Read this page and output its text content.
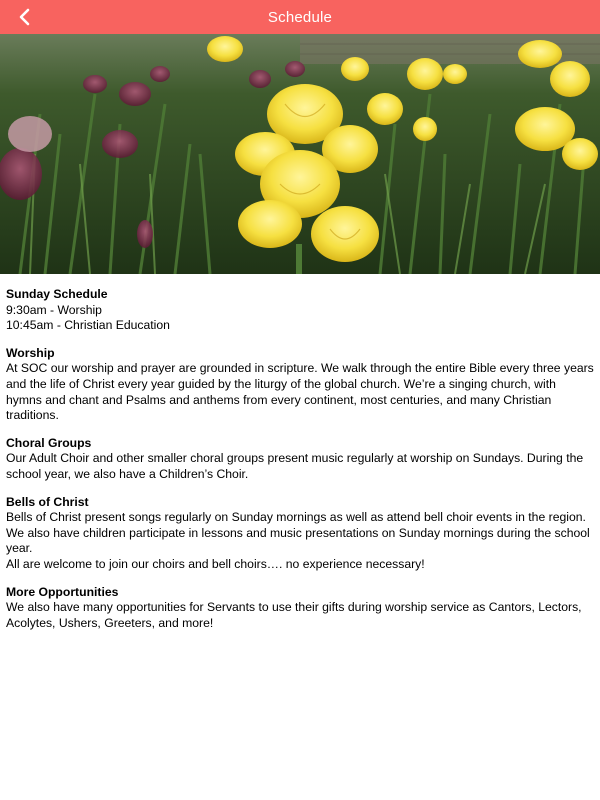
Schedule
Sunday Schedule

9:30am - Worship
10:45am - Christian Education

Worship

At SOC our worship and prayer are grounded in scripture. We walk through the entire Bible every three years and the life of Christ every year guided by the liturgy of the global church. We’re a singing church, with hymns and chant and Psalms and anthems from every continent, most centuries, and many Christian traditions.

Choral Groups

Our Adult Choir and other smaller choral groups present music regularly at worship on Sundays. During the school year, we also have a Children’s Choir.

Bells of Christ

Bells of Christ present songs regularly on Sunday mornings as well as attend bell choir events in the region. We also have children participate in lessons and music presentations on Sunday mornings during the school year.
All are welcome to join our choirs and bell choirs…. no experience necessary!

More Opportunities

We also have many opportunities for Servants to use their gifts during worship service as Cantors, Lectors, Acolytes, Ushers, Greeters, and more!
